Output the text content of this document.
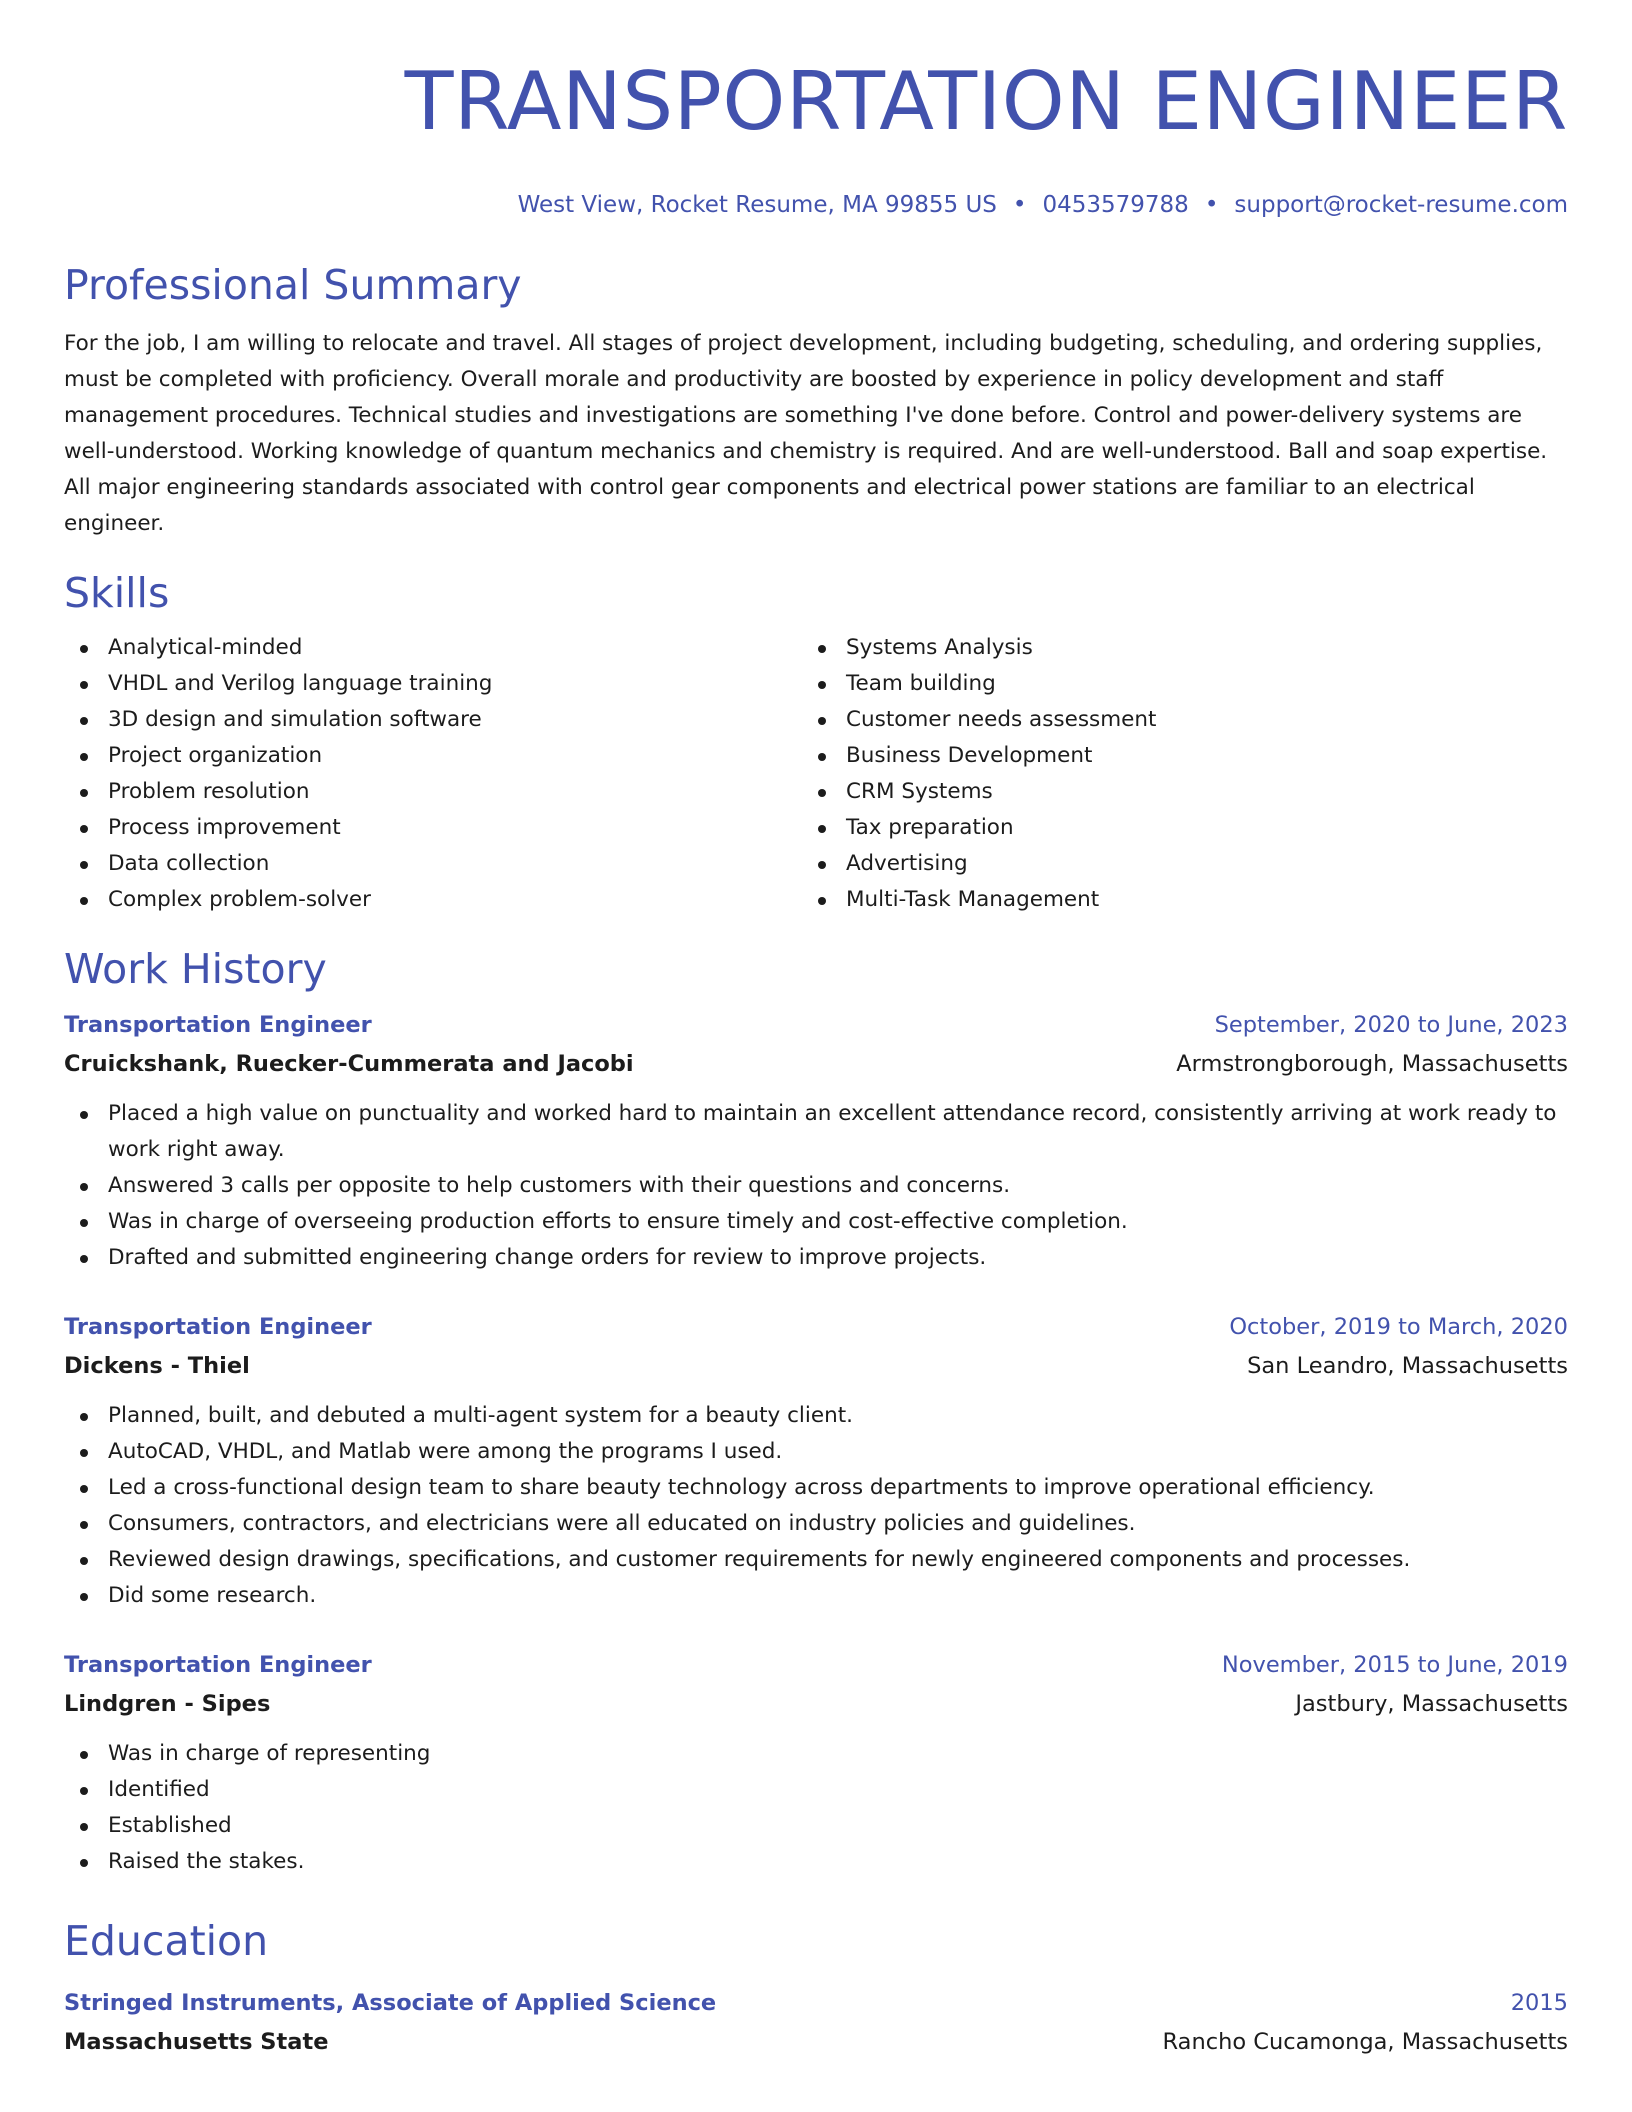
TRANSPORTATION ENGINEER
West View, Rocket Resume, MA 99855 US • 0453579788 • support@rocket-resume.com
Professional Summary

For the job, I am willing to relocate and travel. All stages of project development, including budgeting, scheduling, and ordering supplies, must be completed with proficiency. Overall morale and productivity are boosted by experience in policy development and staff management procedures. Technical studies and investigations are something I've done before. Control and power-delivery systems are well-understood. Working knowledge of quantum mechanics and chemistry is required. And are well-understood. Ball and soap expertise. All major engineering standards associated with control gear components and electrical power stations are familiar to an electrical engineer.

Skills
Analytical-minded
VHDL and Verilog language training
3D design and simulation software
Project organization
Problem resolution
Process improvement
Data collection
Complex problem-solver
Systems Analysis
Team building
Customer needs assessment
Business Development
CRM Systems
Tax preparation
Advertising
Multi-Task Management
Work History
Transportation Engineer	September, 2020 to June, 2023
Cruickshank, Ruecker-Cummerata and Jacobi	Armstrongborough, Massachusetts
Placed a high value on punctuality and worked hard to maintain an excellent attendance record, consistently arriving at work ready to work right away.
Answered 3 calls per opposite to help customers with their questions and concerns.
Was in charge of overseeing production efforts to ensure timely and cost-effective completion.
Drafted and submitted engineering change orders for review to improve projects.
Transportation Engineer	October, 2019 to March, 2020
Dickens - Thiel	San Leandro, Massachusetts
Planned, built, and debuted a multi-agent system for a beauty client.
AutoCAD, VHDL, and Matlab were among the programs I used.
Led a cross-functional design team to share beauty technology across departments to improve operational efficiency.
Consumers, contractors, and electricians were all educated on industry policies and guidelines.
Reviewed design drawings, specifications, and customer requirements for newly engineered components and processes.
Did some research.
Transportation Engineer	November, 2015 to June, 2019
Lindgren - Sipes	Jastbury, Massachusetts
Was in charge of representing
Identified
Established
Raised the stakes.
Education
Stringed Instruments, Associate of Applied Science	2015
Massachusetts State	Rancho Cucamonga, Massachusetts
